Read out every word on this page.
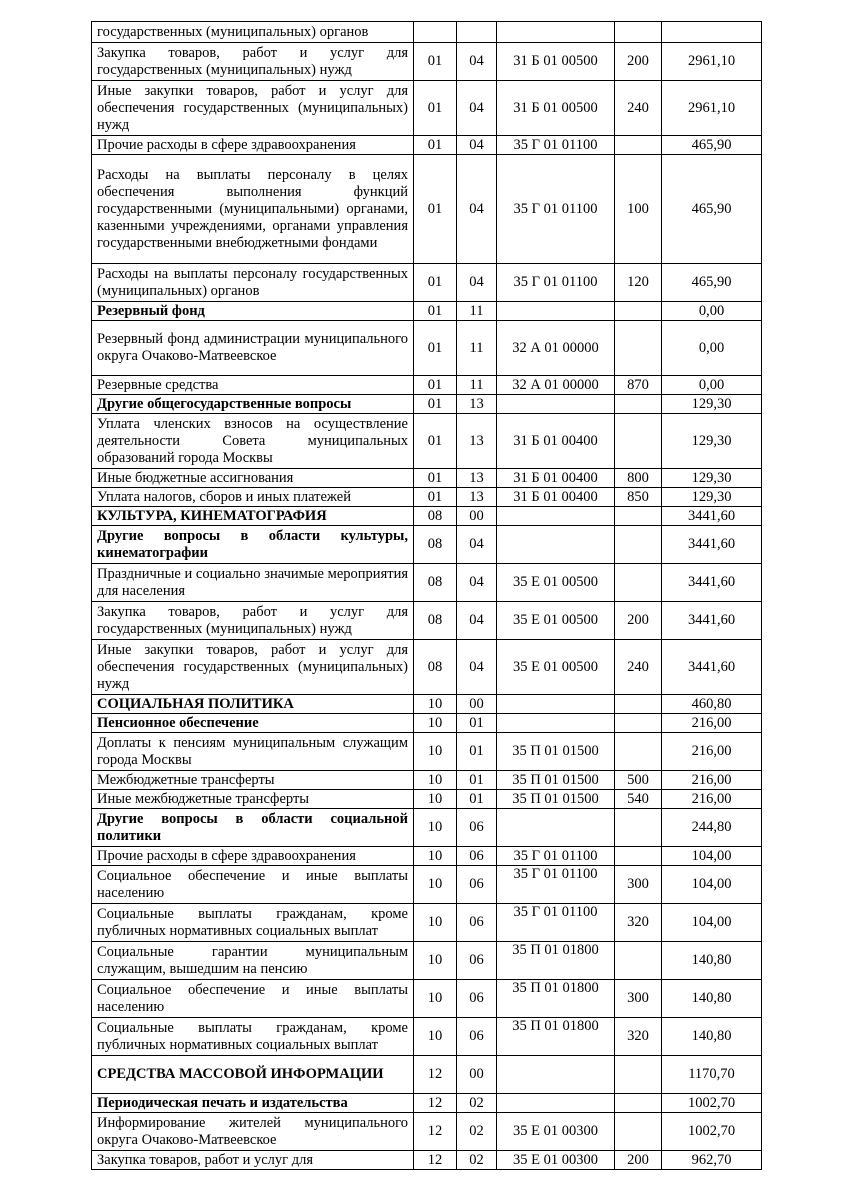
государственных (муниципальных) органов					
Закупка товаров, работ и услуг для государственных (муниципальных) нужд	01	04	31 Б 01 00500	200	2961,10
Иные закупки товаров, работ и услуг для обеспечения государственных (муниципальных) нужд	01	04	31 Б 01 00500	240	2961,10
Прочие расходы в сфере здравоохранения	01	04	35 Г 01 01100		465,90
Расходы на выплаты персоналу в целях обеспечения выполнения функций государственными (муниципальными) органами, казенными учреждениями, органами управления государственными внебюджетными фондами	01	04	35 Г 01 01100	100	465,90
Расходы на выплаты персоналу государственных (муниципальных) органов	01	04	35 Г 01 01100	120	465,90
Резервный фонд	01	11			0,00
Резервный фонд администрации муниципального округа Очаково-Матвеевское	01	11	32 А 01 00000		0,00
Резервные средства	01	11	32 А 01 00000	870	0,00
Другие общегосударственные вопросы	01	13			129,30
Уплата членских взносов на осуществление деятельности Совета муниципальных образований города Москвы	01	13	31 Б 01 00400		129,30
Иные бюджетные ассигнования	01	13	31 Б 01 00400	800	129,30
Уплата налогов, сборов и иных платежей	01	13	31 Б 01 00400	850	129,30
КУЛЬТУРА, КИНЕМАТОГРАФИЯ	08	00			3441,60
Другие вопросы в области культуры, кинематографии	08	04			3441,60
Праздничные и социально значимые мероприятия для населения	08	04	35 Е 01 00500		3441,60
Закупка товаров, работ и услуг для государственных (муниципальных) нужд	08	04	35 Е 01 00500	200	3441,60
Иные закупки товаров, работ и услуг для обеспечения государственных (муниципальных) нужд	08	04	35 Е 01 00500	240	3441,60
СОЦИАЛЬНАЯ ПОЛИТИКА	10	00			460,80
Пенсионное обеспечение	10	01			216,00
Доплаты к пенсиям муниципальным служащим города Москвы	10	01	35 П 01 01500		216,00
Межбюджетные трансферты	10	01	35 П 01 01500	500	216,00
Иные межбюджетные трансферты	10	01	35 П 01 01500	540	216,00
Другие вопросы в области социальной политики	10	06			244,80
Прочие расходы в сфере здравоохранения	10	06	35 Г 01 01100		104,00
Социальное обеспечение и иные выплаты населению	10	06	35 Г 01 01100	300	104,00
Социальные выплаты гражданам, кроме публичных нормативных социальных выплат	10	06	35 Г 01 01100	320	104,00
Социальные гарантии муниципальным служащим, вышедшим на пенсию	10	06	35 П 01 01800		140,80
Социальное обеспечение и иные выплаты населению	10	06	35 П 01 01800	300	140,80
Социальные выплаты гражданам, кроме публичных нормативных социальных выплат	10	06	35 П 01 01800	320	140,80
СРЕДСТВА МАССОВОЙ ИНФОРМАЦИИ	12	00			1170,70
Периодическая печать и издательства	12	02			1002,70
Информирование жителей муниципального округа Очаково-Матвеевское	12	02	35 Е 01 00300		1002,70
Закупка товаров, работ и услуг для	12	02	35 Е 01 00300	200	962,70
